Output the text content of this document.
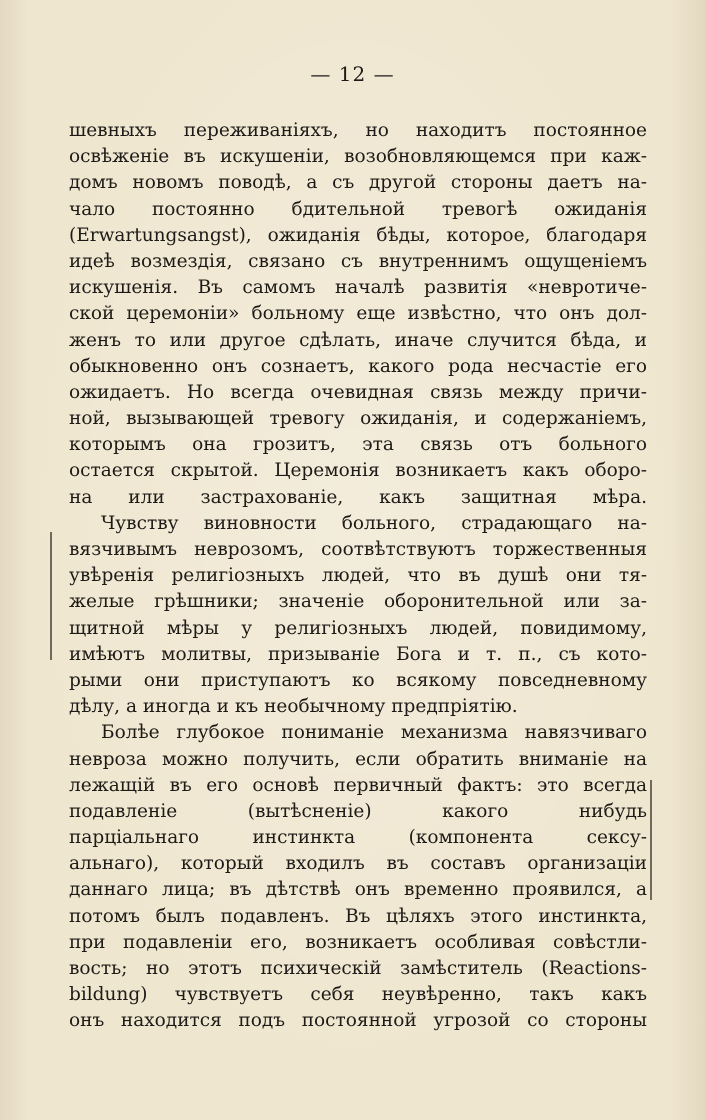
— 12 —
шевныхъ переживаніяхъ, но находитъ постоянное
освѣженіе въ искушеніи, возобновляющемся при каж-
домъ новомъ поводѣ, а съ другой стороны даетъ на-
чало постоянно бдительной тревогѣ ожиданія
(Erwartungsangst), ожиданія бѣды, которое, благодаря
идеѣ возмездія, связано съ внутреннимъ ощущеніемъ
искушенія. Въ самомъ началѣ развитія «невротиче-
ской церемоніи» больному еще извѣстно, что онъ дол-
женъ то или другое сдѣлать, иначе случится бѣда, и
обыкновенно онъ сознаетъ, какого рода несчастіе его
ожидаетъ. Но всегда очевидная связь между причи-
ной, вызывающей тревогу ожиданія, и содержаніемъ,
которымъ она грозитъ, эта связь отъ больного
остается скрытой. Церемонія возникаетъ какъ оборо-
на или застрахованіе, какъ защитная мѣра.
Чувству виновности больного, страдающаго на-
вязчивымъ неврозомъ, соотвѣтствуютъ торжественныя
увѣренія религіозныхъ людей, что въ душѣ они тя-
желые грѣшники; значеніе оборонительной или за-
щитной мѣры у религіозныхъ людей, повидимому,
имѣютъ молитвы, призываніе Бога и т. п., съ кото-
рыми они приступаютъ ко всякому повседневному
дѣлу, а иногда и къ необычному предпріятію.
Болѣе глубокое пониманіе механизма навязчиваго
невроза можно получить, если обратить вниманіе на
лежащій въ его основѣ первичный фактъ: это всегда
подавленіе (вытѣсненіе) какого нибудь
парціальнаго инстинкта (компонента сексу-
альнаго), который входилъ въ составъ организаціи
даннаго лица; въ дѣтствѣ онъ временно проявился, а
потомъ былъ подавленъ. Въ цѣляхъ этого инстинкта,
при подавленіи его, возникаетъ особливая совѣстли-
вость; но этотъ психическій замѣститель (Reactions-
bildung) чувствуетъ себя неувѣренно, такъ какъ
онъ находится подъ постоянной угрозой со стороны
